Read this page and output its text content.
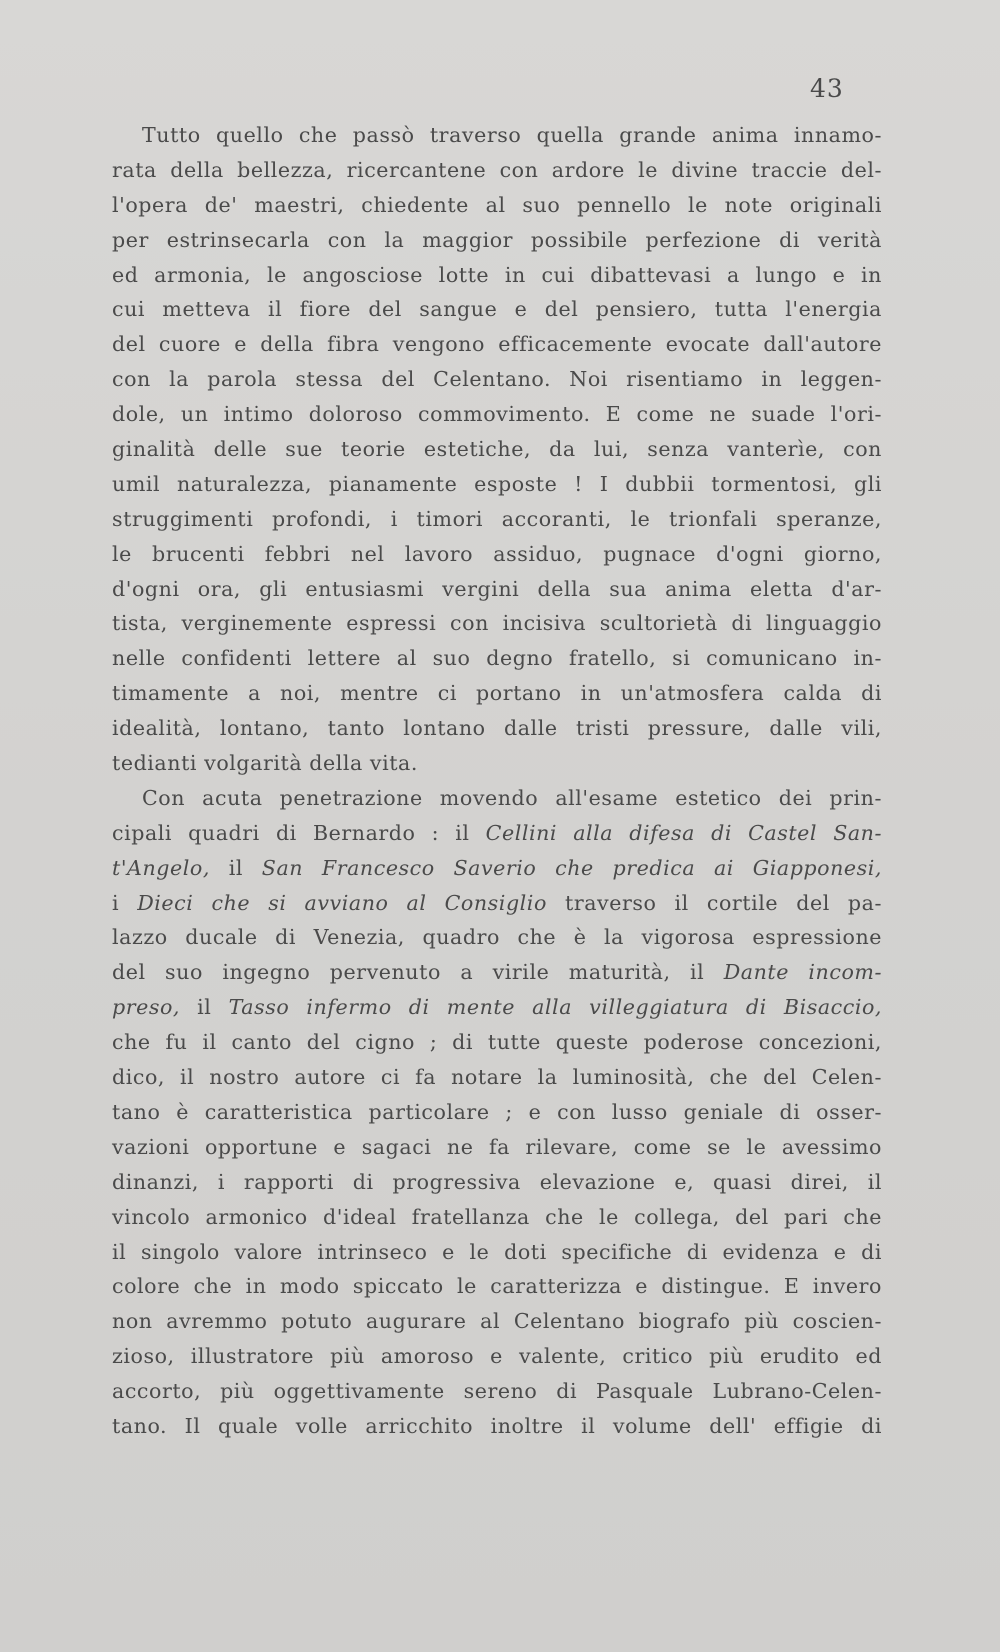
43
Tutto quello che passò traverso quella grande anima innamo-
rata della bellezza, ricercantene con ardore le divine traccie del-
l'opera de' maestri, chiedente al suo pennello le note originali
per estrinsecarla con la maggior possibile perfezione di verità
ed armonia, le angosciose lotte in cui dibattevasi a lungo e in
cui metteva il fiore del sangue e del pensiero, tutta l'energia
del cuore e della fibra vengono efficacemente evocate dall'autore
con la parola stessa del Celentano. Noi risentiamo in leggen-
dole, un intimo doloroso commovimento. E come ne suade l'ori-
ginalità delle sue teorie estetiche, da lui, senza vanterìe, con
umil naturalezza, pianamente esposte ! I dubbii tormentosi, gli
struggimenti profondi, i timori accoranti, le trionfali speranze,
le brucenti febbri nel lavoro assiduo, pugnace d'ogni giorno,
d'ogni ora, gli entusiasmi vergini della sua anima eletta d'ar-
tista, verginemente espressi con incisiva scultorietà di linguaggio
nelle confidenti lettere al suo degno fratello, si comunicano in-
timamente a noi, mentre ci portano in un'atmosfera calda di
idealità, lontano, tanto lontano dalle tristi pressure, dalle vili,
tedianti volgarità della vita.
Con acuta penetrazione movendo all'esame estetico dei prin-
cipali quadri di Bernardo : il Cellini alla difesa di Castel San-
t'Angelo, il San Francesco Saverio che predica ai Giapponesi,
i Dieci che si avviano al Consiglio traverso il cortile del pa-
lazzo ducale di Venezia, quadro che è la vigorosa espressione
del suo ingegno pervenuto a virile maturità, il Dante incom-
preso, il Tasso infermo di mente alla villeggiatura di Bisaccio,
che fu il canto del cigno ; di tutte queste poderose concezioni,
dico, il nostro autore ci fa notare la luminosità, che del Celen-
tano è caratteristica particolare ; e con lusso geniale di osser-
vazioni opportune e sagaci ne fa rilevare, come se le avessimo
dinanzi, i rapporti di progressiva elevazione e, quasi direi, il
vincolo armonico d'ideal fratellanza che le collega, del pari che
il singolo valore intrinseco e le doti specifiche di evidenza e di
colore che in modo spiccato le caratterizza e distingue. E invero
non avremmo potuto augurare al Celentano biografo più coscien-
zioso, illustratore più amoroso e valente, critico più erudito ed
accorto, più oggettivamente sereno di Pasquale Lubrano-Celen-
tano. Il quale volle arricchito inoltre il volume dell' effigie di
